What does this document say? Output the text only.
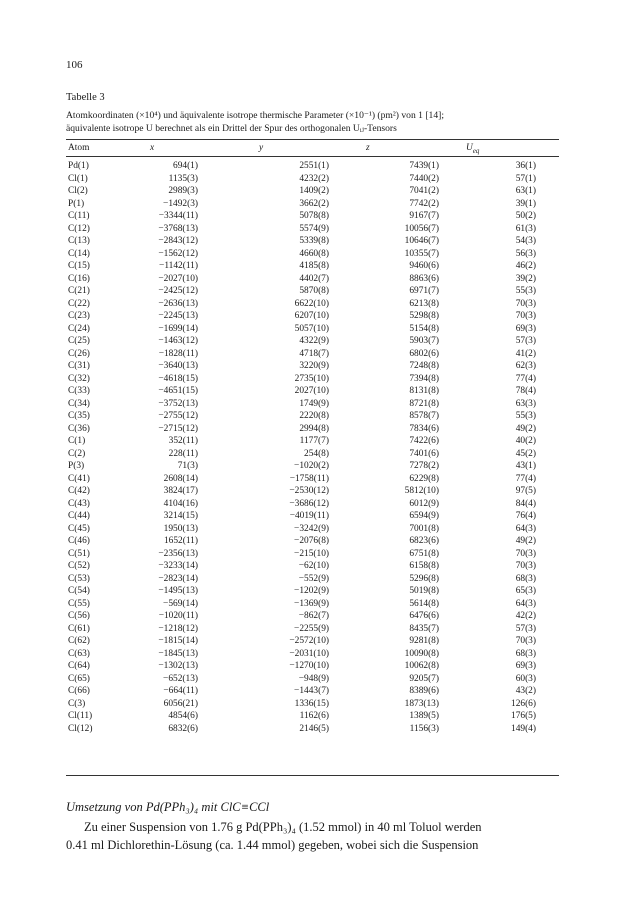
106
Tabelle 3
Atomkoordinaten (×10⁴) und äquivalente isotrope thermische Parameter (×10⁻¹) (pm²) von 1 [14];
äquivalente isotrope U berechnet als ein Drittel der Spur des orthogonalen Uᵢⱼ-Tensors
Atom	x	y	z	$U_{eq}$
Pd(1)	694(1)	2551(1)	7439(1)	36(1)
Cl(1)	1135(3)	4232(2)	7440(2)	57(1)
Cl(2)	2989(3)	1409(2)	7041(2)	63(1)
P(1)	−1492(3)	3662(2)	7742(2)	39(1)
C(11)	−3344(11)	5078(8)	9167(7)	50(2)
C(12)	−3768(13)	5574(9)	10056(7)	61(3)
C(13)	−2843(12)	5339(8)	10646(7)	54(3)
C(14)	−1562(12)	4660(8)	10355(7)	56(3)
C(15)	−1142(11)	4185(8)	9460(6)	46(2)
C(16)	−2027(10)	4402(7)	8863(6)	39(2)
C(21)	−2425(12)	5870(8)	6971(7)	55(3)
C(22)	−2636(13)	6622(10)	6213(8)	70(3)
C(23)	−2245(13)	6207(10)	5298(8)	70(3)
C(24)	−1699(14)	5057(10)	5154(8)	69(3)
C(25)	−1463(12)	4322(9)	5903(7)	57(3)
C(26)	−1828(11)	4718(7)	6802(6)	41(2)
C(31)	−3640(13)	3220(9)	7248(8)	62(3)
C(32)	−4618(15)	2735(10)	7394(8)	77(4)
C(33)	−4651(15)	2027(10)	8131(8)	78(4)
C(34)	−3752(13)	1749(9)	8721(8)	63(3)
C(35)	−2755(12)	2220(8)	8578(7)	55(3)
C(36)	−2715(12)	2994(8)	7834(6)	49(2)
C(1)	352(11)	1177(7)	7422(6)	40(2)
C(2)	228(11)	254(8)	7401(6)	45(2)
P(3)	71(3)	−1020(2)	7278(2)	43(1)
C(41)	2608(14)	−1758(11)	6229(8)	77(4)
C(42)	3824(17)	−2530(12)	5812(10)	97(5)
C(43)	4104(16)	−3686(12)	6012(9)	84(4)
C(44)	3214(15)	−4019(11)	6594(9)	76(4)
C(45)	1950(13)	−3242(9)	7001(8)	64(3)
C(46)	1652(11)	−2076(8)	6823(6)	49(2)
C(51)	−2356(13)	−215(10)	6751(8)	70(3)
C(52)	−3233(14)	−62(10)	6158(8)	70(3)
C(53)	−2823(14)	−552(9)	5296(8)	68(3)
C(54)	−1495(13)	−1202(9)	5019(8)	65(3)
C(55)	−569(14)	−1369(9)	5614(8)	64(3)
C(56)	−1020(11)	−862(7)	6476(6)	42(2)
C(61)	−1218(12)	−2255(9)	8435(7)	57(3)
C(62)	−1815(14)	−2572(10)	9281(8)	70(3)
C(63)	−1845(13)	−2031(10)	10090(8)	68(3)
C(64)	−1302(13)	−1270(10)	10062(8)	69(3)
C(65)	−652(13)	−948(9)	9205(7)	60(3)
C(66)	−664(11)	−1443(7)	8389(6)	43(2)
C(3)	6056(21)	1336(15)	1873(13)	126(6)
Cl(11)	4854(6)	1162(6)	1389(5)	176(5)
Cl(12)	6832(6)	2146(5)	1156(3)	149(4)
Umsetzung von Pd(PPh₃)₄ mit ClC≡CCl
Zu einer Suspension von 1.76 g Pd(PPh₃)₄ (1.52 mmol) in 40 ml Toluol werden
0.41 ml Dichlorethin-Lösung (ca. 1.44 mmol) gegeben, wobei sich die Suspension
